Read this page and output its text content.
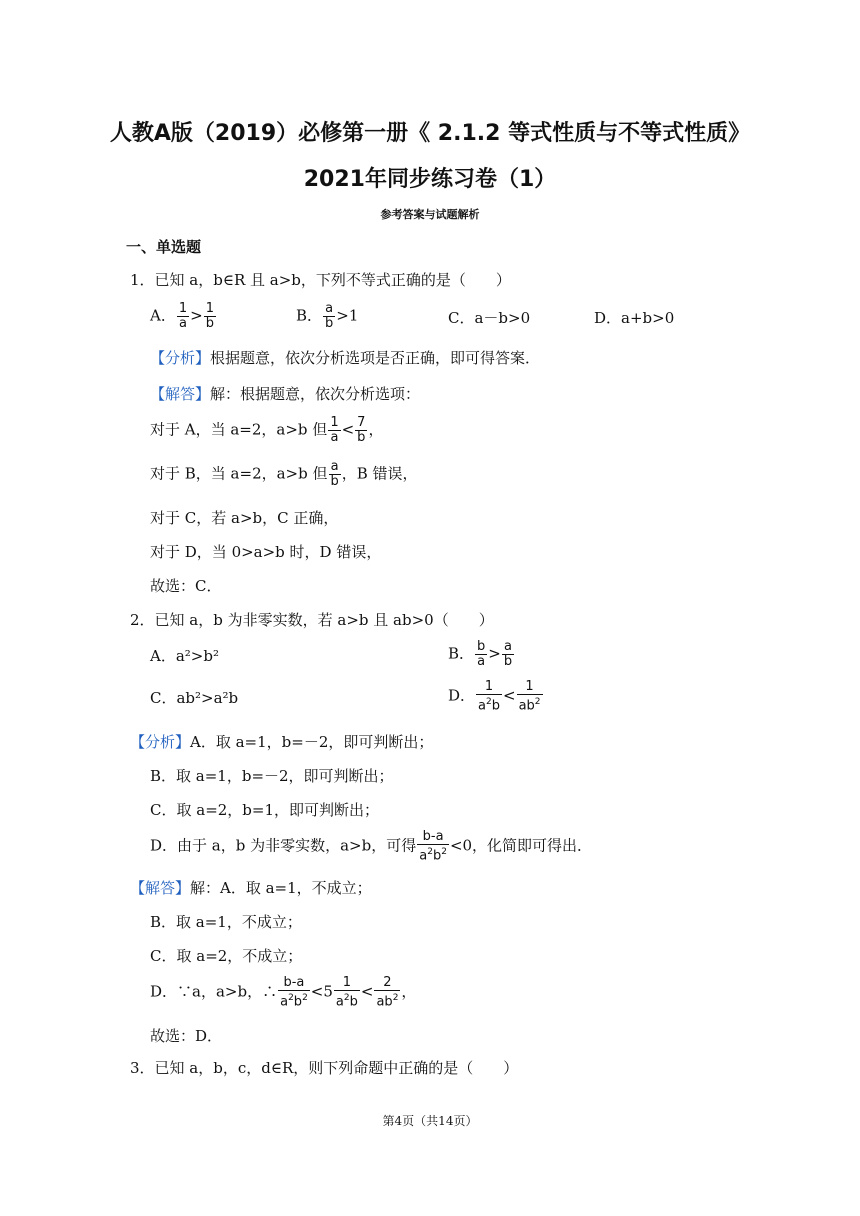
人教A版（2019）必修第一册《 2.1.2 等式性质与不等式性质》
2021年同步练习卷（1）
参考答案与试题解析
一、单选题
1．已知 a，b∈R 且 a>b，下列不等式正确的是（　　）
A． $\frac{1}{a} > \frac{1}{b}$	B． $\frac{a}{b} >1$	C．a－b>0	D．a+b>0
【分析】根据题意，依次分析选项是否正确，即可得答案．
【解答】解：根据题意，依次分析选项：
对于 A，当 a=2，a>b 但 $\frac{1}{a} < \frac{7}{b}$ ，
对于 B，当 a=2，a>b 但 $\frac{a}{b}$ ，B 错误，
对于 C，若 a>b，C 正确，
对于 D，当 0>a>b 时，D 错误，
故选：C．
2．已知 a，b 为非零实数，若 a>b 且 ab>0（　　）
A．a²>b²	B． $\frac{b}{a} > \frac{a}{b}$
C．ab²>a²b	D． $\frac{1}{a^2b} < \frac{1}{ab^2}$
【分析】A．取 a=1，b=－2，即可判断出；
B．取 a=1，b=－2，即可判断出；
C．取 a=2，b=1，即可判断出；
D．由于 a，b 为非零实数，a>b，可得 $\frac{b-a}{a^2b^2} <0$，化简即可得出．
【解答】解：A．取 a=1，不成立；
B．取 a=1，不成立；
C．取 a=2，不成立；
D．∵a，a>b，∴ $\frac{b-a}{a^2b^2} <5 \frac{1}{a^2b} < \frac{2}{ab^2}$ ，
故选：D．
3．已知 a，b，c，d∈R，则下列命题中正确的是（　　）
第4页（共14页）
